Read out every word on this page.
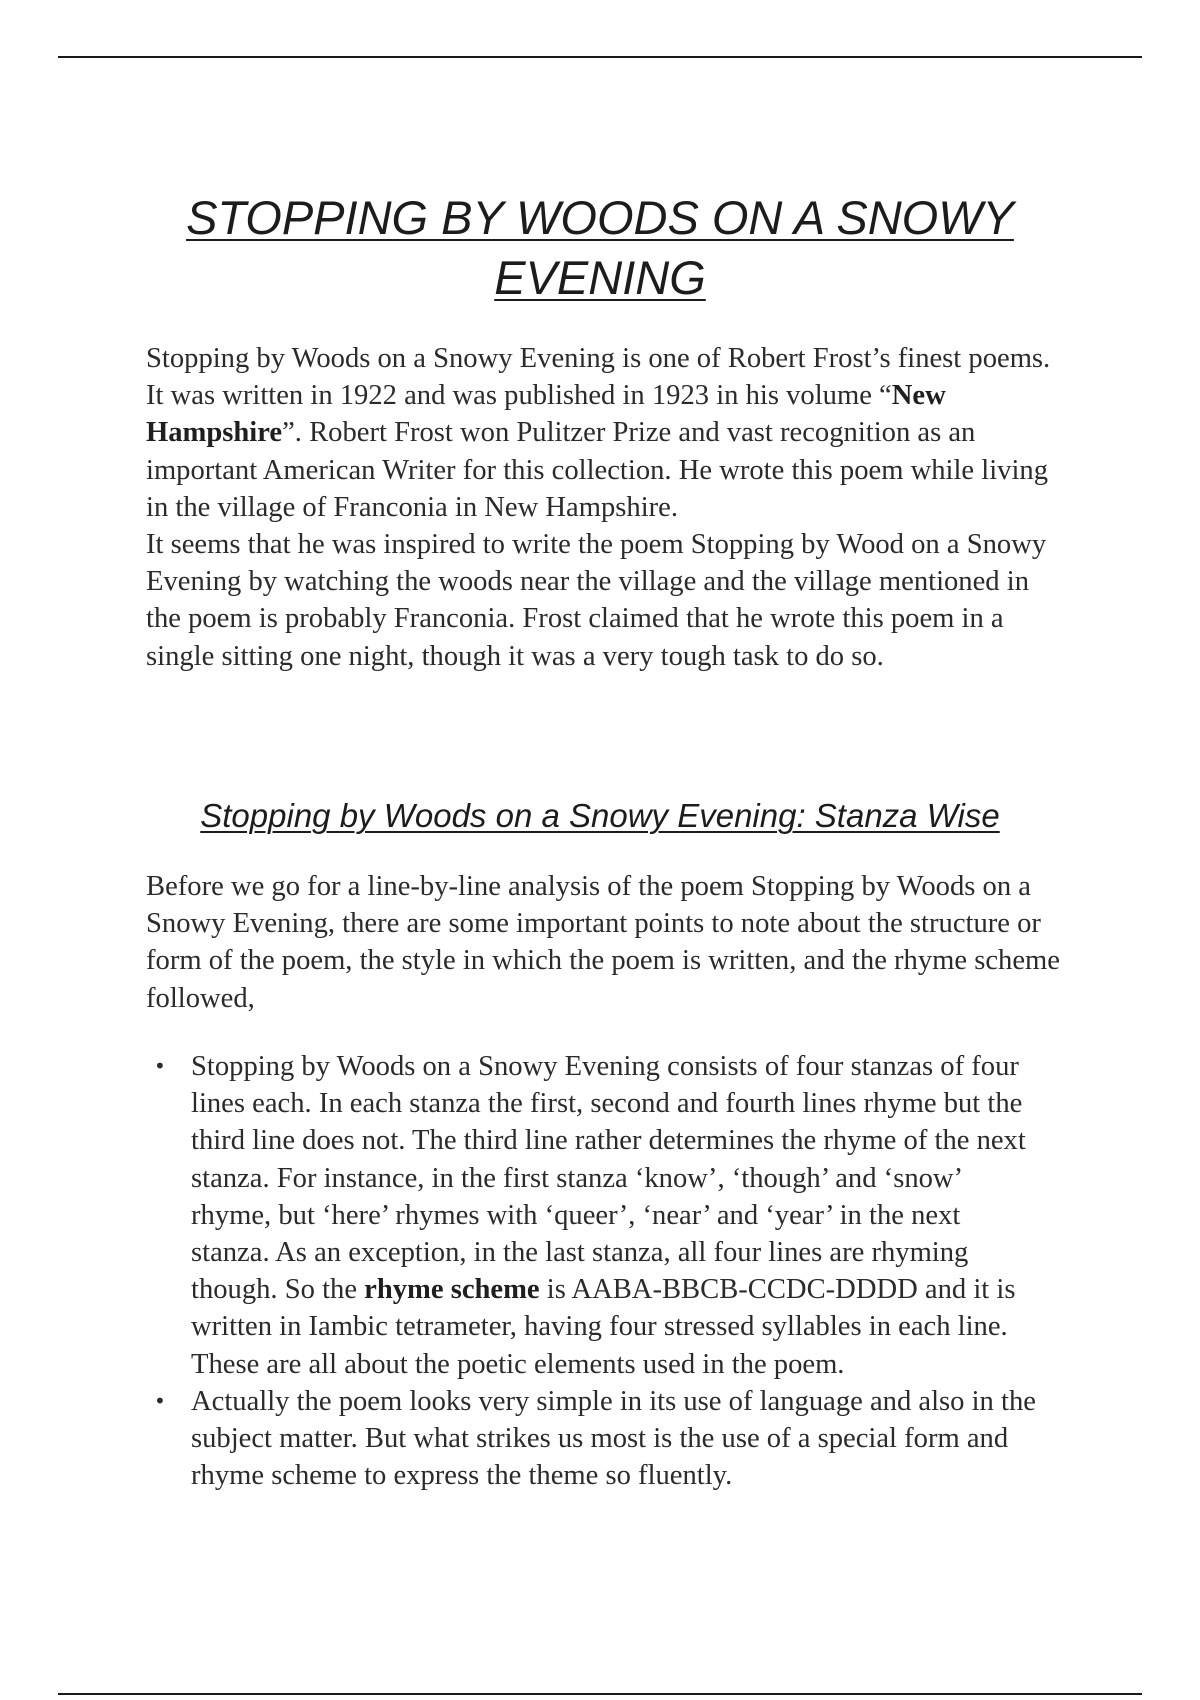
STOPPING BY WOODS ON A SNOWY EVENING

Stopping by Woods on a Snowy Evening is one of Robert Frost’s finest poems. It was written in 1922 and was published in 1923 in his volume “New Hampshire”. Robert Frost won Pulitzer Prize and vast recognition as an important American Writer for this collection. He wrote this poem while living in the village of Franconia in New Hampshire.

It seems that he was inspired to write the poem Stopping by Wood on a Snowy Evening by watching the woods near the village and the village mentioned in the poem is probably Franconia. Frost claimed that he wrote this poem in a single sitting one night, though it was a very tough task to do so.

Stopping by Woods on a Snowy Evening: Stanza Wise

Before we go for a line-by-line analysis of the poem Stopping by Woods on a Snowy Evening, there are some important points to note about the structure or form of the poem, the style in which the poem is written, and the rhyme scheme followed,

• Stopping by Woods on a Snowy Evening consists of four stanzas of four lines each. In each stanza the first, second and fourth lines rhyme but the third line does not. The third line rather determines the rhyme of the next stanza. For instance, in the first stanza ‘know’, ‘though’ and ‘snow’ rhyme, but ‘here’ rhymes with ‘queer’, ‘near’ and ‘year’ in the next stanza. As an exception, in the last stanza, all four lines are rhyming though. So the rhyme scheme is AABA-BBCB-CCDC-DDDD and it is written in Iambic tetrameter, having four stressed syllables in each line. These are all about the poetic elements used in the poem.
• Actually the poem looks very simple in its use of language and also in the subject matter. But what strikes us most is the use of a special form and rhyme scheme to express the theme so fluently.
